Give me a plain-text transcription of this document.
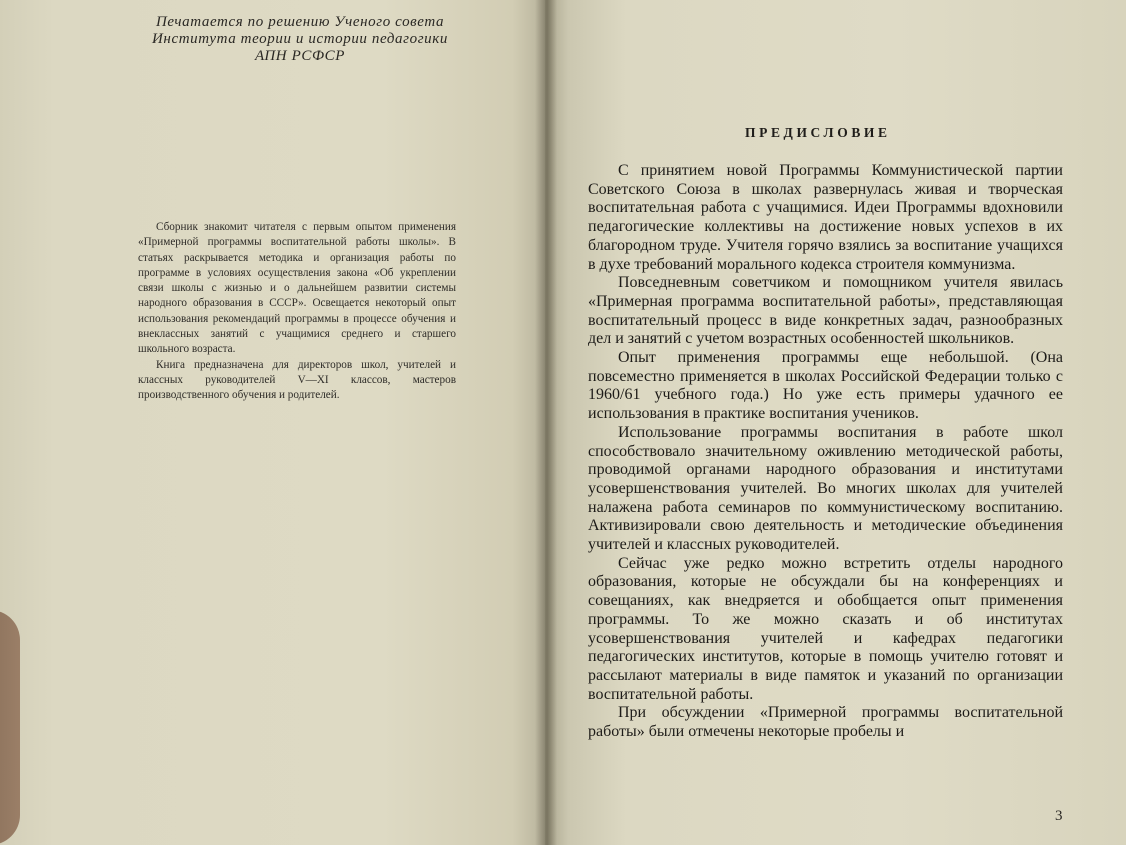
Печатается по решению Ученого совета
Института теории и истории педагогики
АПН РСФСР

Сборник знакомит читателя с первым опытом применения «Примерной программы воспитательной работы школы». В статьях раскрывается методика и организация работы по программе в условиях осуществления закона «Об укреплении связи школы с жизнью и о дальнейшем развитии системы народного образования в СССР». Освещается некоторый опыт использования рекомендаций программы в процессе обучения и внеклассных занятий с учащимися среднего и старшего школьного возраста.

Книга предназначена для директоров школ, учителей и классных руководителей V—XI классов, мастеров производственного обучения и родителей.

ПРЕДИСЛОВИЕ

С принятием новой Программы Коммунистической партии Советского Союза в школах развернулась живая и творческая воспитательная работа с учащимися. Идеи Программы вдохновили педагогические коллективы на достижение новых успехов в их благородном труде. Учителя горячо взялись за воспитание учащихся в духе требований морального кодекса строителя коммунизма.

Повседневным советчиком и помощником учителя явилась «Примерная программа воспитательной работы», представляющая воспитательный процесс в виде конкретных задач, разнообразных дел и занятий с учетом возрастных особенностей школьников.

Опыт применения программы еще небольшой. (Она повсеместно применяется в школах Российской Федерации только с 1960/61 учебного года.) Но уже есть примеры удачного ее использования в практике воспитания учеников.

Использование программы воспитания в работе школ способствовало значительному оживлению методической работы, проводимой органами народного образования и институтами усовершенствования учителей. Во многих школах для учителей налажена работа семинаров по коммунистическому воспитанию. Активизировали свою деятельность и методические объединения учителей и классных руководителей.

Сейчас уже редко можно встретить отделы народного образования, которые не обсуждали бы на конференциях и совещаниях, как внедряется и обобщается опыт применения программы. То же можно сказать и об институтах усовершенствования учителей и кафедрах педагогики педагогических институтов, которые в помощь учителю готовят и рассылают материалы в виде памяток и указаний по организации воспитательной работы.

При обсуждении «Примерной программы воспитательной работы» были отмечены некоторые пробелы и

3
